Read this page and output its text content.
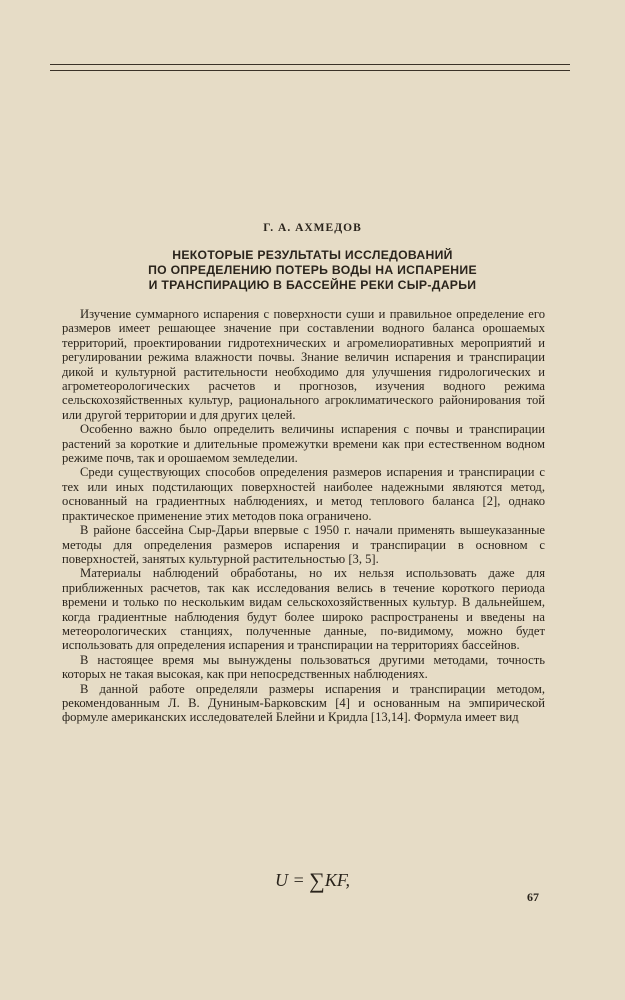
Г. А. АХМЕДОВ
НЕКОТОРЫЕ РЕЗУЛЬТАТЫ ИССЛЕДОВАНИЙ
ПО ОПРЕДЕЛЕНИЮ ПОТЕРЬ ВОДЫ НА ИСПАРЕНИЕ
И ТРАНСПИРАЦИЮ В БАССЕЙНЕ РЕКИ СЫР-ДАРЬИ

Изучение суммарного испарения с поверхности суши и правильное определение его размеров имеет решающее значение при составлении водного баланса орошаемых территорий, проектировании гидротехнических и агромелиоративных мероприятий и регулировании режима влажности почвы. Знание величин испарения и транспирации дикой и культурной растительности необходимо для улучшения гидрологических и агрометеорологических расчетов и прогнозов, изучения водного режима сельскохозяйственных культур, рационального агроклиматического районирования той или другой территории и для других целей.

Особенно важно было определить величины испарения с почвы и транспирации растений за короткие и длительные промежутки времени как при естественном водном режиме почв, так и орошаемом земледелии.

Среди существующих способов определения размеров испарения и транспирации с тех или иных подстилающих поверхностей наиболее надежными являются метод, основанный на градиентных наблюдениях, и метод теплового баланса [2], однако практическое применение этих методов пока ограничено.

В районе бассейна Сыр-Дарьи впервые с 1950 г. начали применять вышеуказанные методы для определения размеров испарения и транспирации в основном с поверхностей, занятых культурной растительностью [3, 5].

Материалы наблюдений обработаны, но их нельзя использовать даже для приближенных расчетов, так как исследования велись в течение короткого периода времени и только по нескольким видам сельскохозяйственных культур. В дальнейшем, когда градиентные наблюдения будут более широко распространены и введены на метеорологических станциях, полученные данные, по-видимому, можно будет использовать для определения испарения и транспирации на территориях бассейнов.

В настоящее время мы вынуждены пользоваться другими методами, точность которых не такая высокая, как при непосредственных наблюдениях.

В данной работе определяли размеры испарения и транспирации методом, рекомендованным Л. В. Дуниным-Барковским [4] и основанным на эмпирической формуле американских исследователей Блейни и Кридла [13,14]. Формула имеет вид

U = ∑KF,
67
